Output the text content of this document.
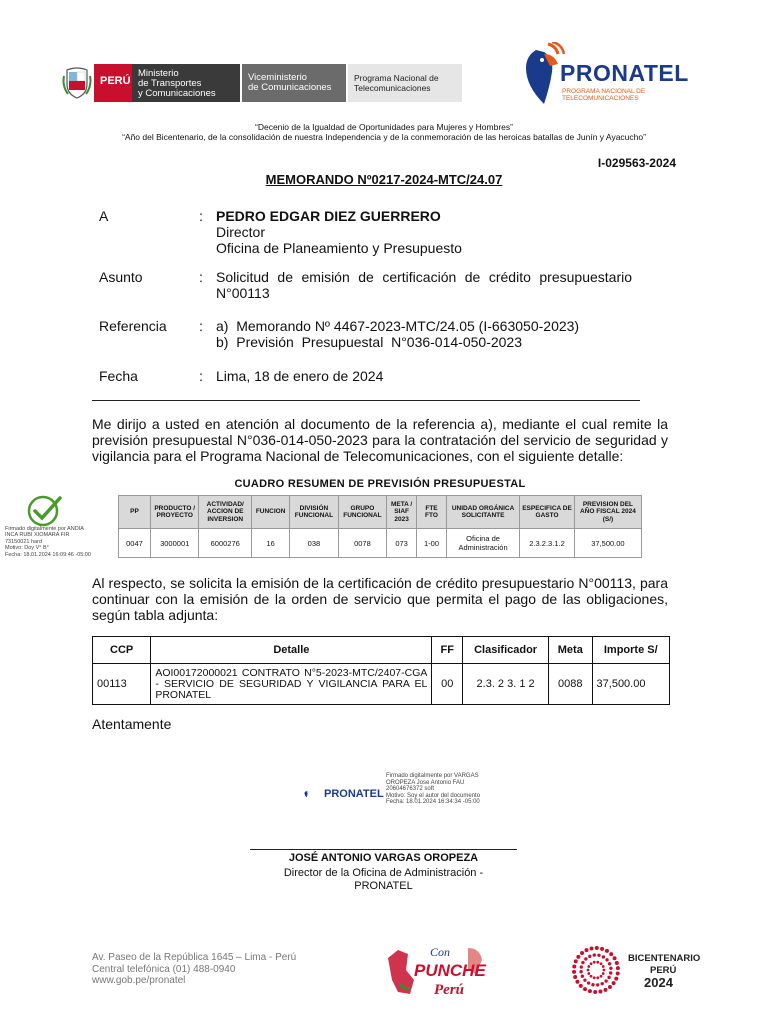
PERÚ
Ministerio
de Transportes
y Comunicaciones
Viceministerio
de Comunicaciones
Programa Nacional de
Telecomunicaciones
PRONATEL
PROGRAMA NACIONAL DE
TELECOMUNICACIONES
“Decenio de la Igualdad de Oportunidades para Mujeres y Hombres”
“Año del Bicentenario, de la consolidación de nuestra Independencia y de la conmemoración de las heroicas batallas de Junín y Ayacucho”
I-029563-2024
MEMORANDO Nº0217-2024-MTC/24.07
A	: PEDRO EDGAR DIEZ GUERRERO
Director
Oficina de Planeamiento y Presupuesto
Asunto	: Solicitud de emisión de certificación de crédito presupuestario N°00113
Referencia : a)  Memorando Nº 4467-2023-MTC/24.05 (I-663050-2023)
b)  Previsión  Presupuestal  N°036-014-050-2023
Fecha	: Lima, 18 de enero de 2024
Me dirijo a usted en atención al documento de la referencia a), mediante el cual remite la previsión presupuestal N°036-014-050-2023 para la contratación del servicio de seguridad y vigilancia para el Programa Nacional de Telecomunicaciones, con el siguiente detalle:
Firmado digitalmente por ANDIA
INCA RUBI XIOMARA FIR
73150021 hard
Motivo: Doy V° B°
Fecha: 18.01.2024 16:09:46 -05:00
CUADRO RESUMEN DE PREVISIÓN PRESUPUESTAL
PP	PRODUCTO / PROYECTO	ACTIVIDAD/ ACCION DE INVERSION	FUNCION	DIVISIÓN FUNCIONAL	GRUPO FUNCIONAL	META / SIAF 2023	FTE FTO	UNIDAD ORGÁNICA SOLICITANTE	ESPECIFICA DE GASTO	PREVISION DEL AÑO FISCAL 2024 (S/)
0047	3000001	6000276	16	038	0078	073	1-00	Oficina de Administración	2.3.2.3.1.2	37,500.00
Al respecto, se solicita la emisión de la certificación de crédito presupuestario N°00113, para continuar con la emisión de la orden de servicio que permita el pago de las obligaciones, según tabla adjunta:
CCP	Detalle	FF	Clasificador	Meta	Importe S/
00113	AOI00172000021 CONTRATO N°5-2023-MTC/2407-CGA - SERVICIO DE SEGURIDAD Y VIGILANCIA PARA EL PRONATEL	00	2.3. 2 3. 1 2	0088	37,500.00
Atentamente
PRONATEL
Firmado digitalmente por VARGAS
OROPEZA Jose Antonio FAU
20604676372 soft
Motivo: Soy el autor del documento
Fecha: 18.01.2024 16:34:34 -05:00
JOSÉ ANTONIO VARGAS OROPEZA
Director de la Oficina de Administración -
PRONATEL
Av. Paseo de la República 1645 – Lima - Perú
Central telefónica (01) 488-0940
www.gob.pe/pronatel
Con
PUNCHE
Perú
BICENTENARIO
PERÚ
2024
